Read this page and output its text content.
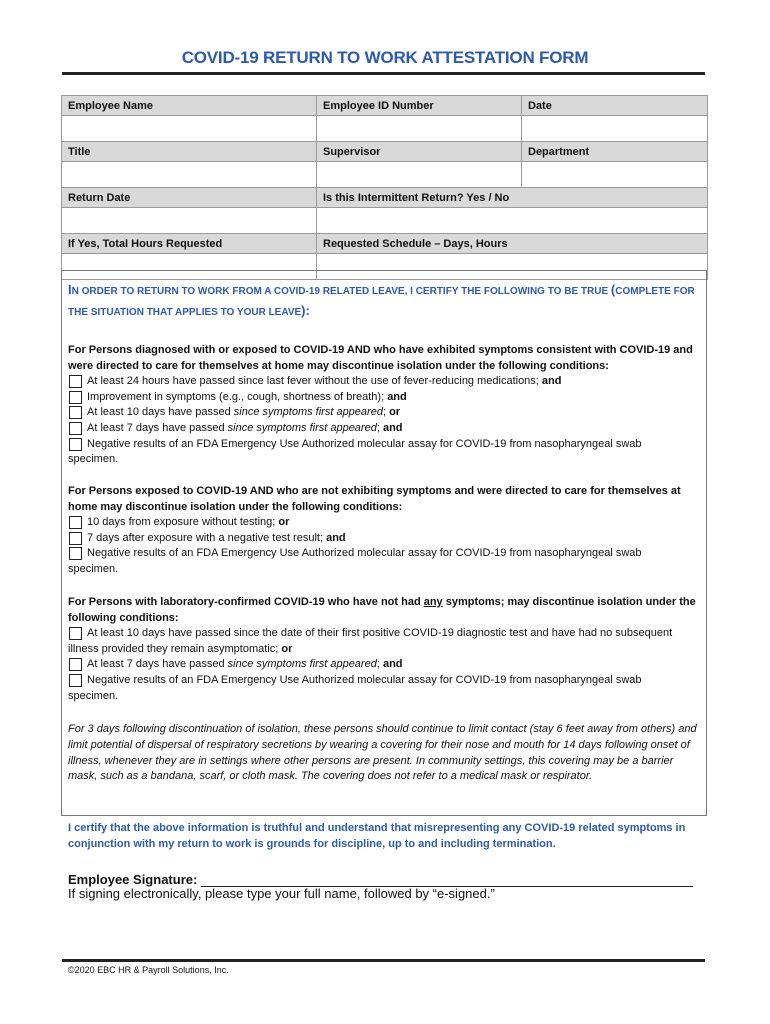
COVID-19 RETURN TO WORK ATTESTATION FORM
Employee Name	Employee ID Number	Date

Title	Supervisor	Department

Return Date	Is this Intermittent Return? Yes / No	

If Yes, Total Hours Requested	Requested Schedule – Days, Hours	

IN ORDER TO RETURN TO WORK FROM A COVID-19 RELATED LEAVE, I CERTIFY THE FOLLOWING TO BE TRUE (COMPLETE FOR THE SITUATION THAT APPLIES TO YOUR LEAVE):
For Persons diagnosed with or exposed to COVID-19 AND who have exhibited symptoms consistent with COVID-19 and were directed to care for themselves at home may discontinue isolation under the following conditions:
At least 24 hours have passed since last fever without the use of fever-reducing medications; and
Improvement in symptoms (e.g., cough, shortness of breath); and
At least 10 days have passed since symptoms first appeared; or
At least 7 days have passed since symptoms first appeared; and
Negative results of an FDA Emergency Use Authorized molecular assay for COVID-19 from nasopharyngeal swab
specimen.
For Persons exposed to COVID-19 AND who are not exhibiting symptoms and were directed to care for themselves at home may discontinue isolation under the following conditions:
10 days from exposure without testing; or
7 days after exposure with a negative test result; and
Negative results of an FDA Emergency Use Authorized molecular assay for COVID-19 from nasopharyngeal swab
specimen.
For Persons with laboratory-confirmed COVID-19 who have not had any symptoms; may discontinue isolation under the following conditions:
At least 10 days have passed since the date of their first positive COVID-19 diagnostic test and have had no subsequent
illness provided they remain asymptomatic; or
At least 7 days have passed since symptoms first appeared; and
Negative results of an FDA Emergency Use Authorized molecular assay for COVID-19 from nasopharyngeal swab
specimen.
For 3 days following discontinuation of isolation, these persons should continue to limit contact (stay 6 feet away from others) and limit potential of dispersal of respiratory secretions by wearing a covering for their nose and mouth for 14 days following onset of illness, whenever they are in settings where other persons are present. In community settings, this covering may be a barrier mask, such as a bandana, scarf, or cloth mask. The covering does not refer to a medical mask or respirator.
I certify that the above information is truthful and understand that misrepresenting any COVID-19 related symptoms in conjunction with my return to work is grounds for discipline, up to and including termination.
Employee Signature:
If signing electronically, please type your full name, followed by “e-signed.”
©2020 EBC HR & Payroll Solutions, Inc.
